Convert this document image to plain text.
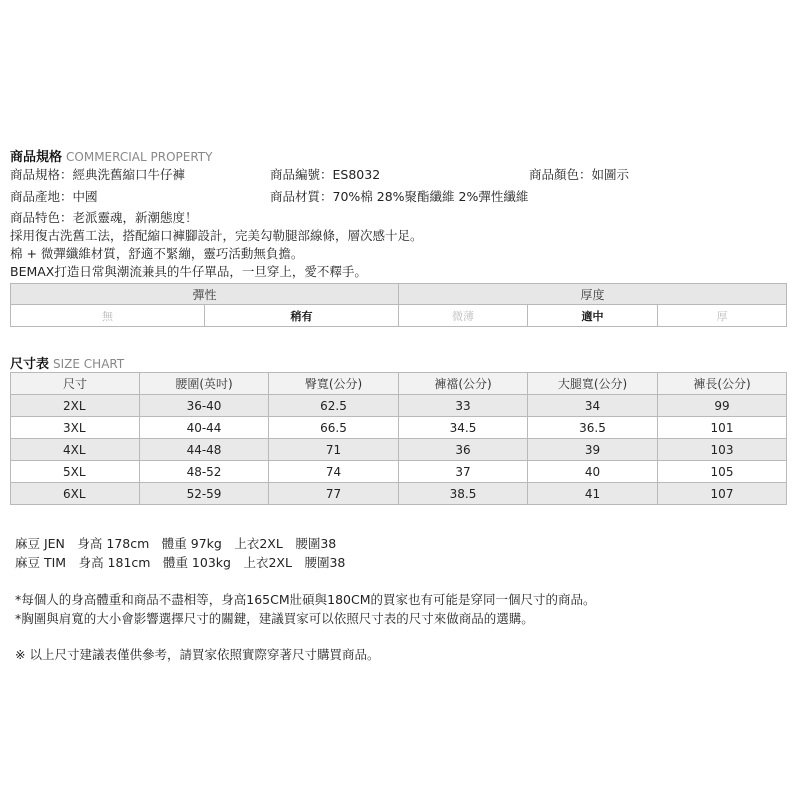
商品規格 COMMERCIAL PROPERTY
商品規格：經典洗舊縮口牛仔褲	商品編號：ES8032	商品顏色：如圖示
商品產地：中國	商品材質：70%棉 28%聚酯纖維 2%彈性纖維
商品特色：老派靈魂，新潮態度！
採用復古洗舊工法，搭配縮口褲腳設計，完美勾勒腿部線條，層次感十足。
棉 + 微彈纖維材質，舒適不緊繃，靈巧活動無負擔。
BEMAX打造日常與潮流兼具的牛仔單品，一旦穿上，愛不釋手。
彈性		厚度		
無	稍有	微薄	適中	厚
尺寸表 SIZE CHART
尺寸	腰圍(英吋)	臀寬(公分)	褲襠(公分)	大腿寬(公分)	褲長(公分)
2XL	36-40	62.5	33	34	99
3XL	40-44	66.5	34.5	36.5	101
4XL	44-48	71	36	39	103
5XL	48-52	74	37	40	105
6XL	52-59	77	38.5	41	107
麻豆 JEN　身高 178cm　體重 97kg　上衣2XL　腰圍38
麻豆 TIM　身高 181cm　體重 103kg　上衣2XL　腰圍38
*每個人的身高體重和商品不盡相等，身高165CM壯碩與180CM的買家也有可能是穿同一個尺寸的商品。
*胸圍與肩寬的大小會影響選擇尺寸的關鍵，建議買家可以依照尺寸表的尺寸來做商品的選購。
※ 以上尺寸建議表僅供參考，請買家依照實際穿著尺寸購買商品。
